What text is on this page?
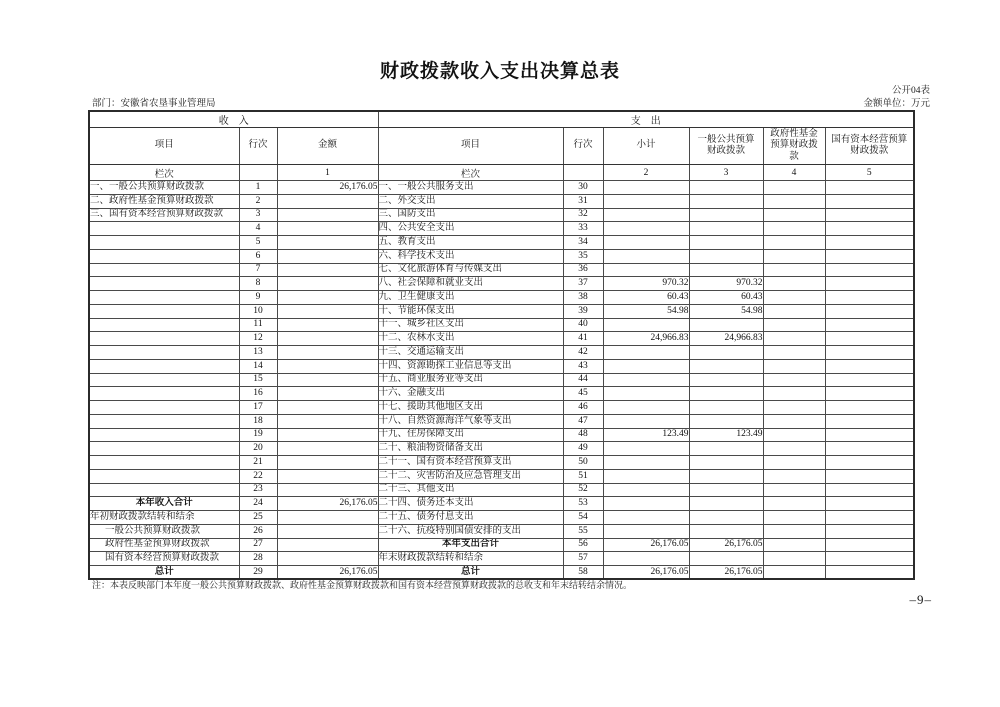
财政拨款收入支出决算总表
公开04表
部门：安徽省农垦事业管理局	金额单位：万元
收　入			支　出					
项目	行次	金额	项目	行次	小计	一般公共预算财政拨款	政府性基金预算财政拨款	国有资本经营预算财政拨款
栏次		1	栏次		2	3	4	5
一、一般公共预算财政拨款	1	26,176.05	一、一般公共服务支出	30				
二、政府性基金预算财政拨款	2		二、外交支出	31				
三、国有资本经营预算财政拨款	3		三、国防支出	32				
	4		四、公共安全支出	33				
	5		五、教育支出	34				
	6		六、科学技术支出	35				
	7		七、文化旅游体育与传媒支出	36				
	8		八、社会保障和就业支出	37	970.32	970.32		
	9		九、卫生健康支出	38	60.43	60.43		
	10		十、节能环保支出	39	54.98	54.98		
	11		十一、城乡社区支出	40				
	12		十二、农林水支出	41	24,966.83	24,966.83		
	13		十三、交通运输支出	42				
	14		十四、资源勘探工业信息等支出	43				
	15		十五、商业服务业等支出	44				
	16		十六、金融支出	45				
	17		十七、援助其他地区支出	46				
	18		十八、自然资源海洋气象等支出	47				
	19		十九、住房保障支出	48	123.49	123.49		
	20		二十、粮油物资储备支出	49				
	21		二十一、国有资本经营预算支出	50				
	22		二十二、灾害防治及应急管理支出	51				
	23		二十三、其他支出	52				
本年收入合计	24	26,176.05	二十四、债务还本支出	53				
年初财政拨款结转和结余	25		二十五、债务付息支出	54				
一般公共预算财政拨款	26		二十六、抗疫特别国债安排的支出	55				
政府性基金预算财政拨款	27		本年支出合计	56	26,176.05	26,176.05		
国有资本经营预算财政拨款	28		年末财政拨款结转和结余	57				
总计	29	26,176.05	总计	58	26,176.05	26,176.05		
注：本表反映部门本年度一般公共预算财政拨款、政府性基金预算财政拨款和国有资本经营预算财政拨款的总收支和年末结转结余情况。
–9–
